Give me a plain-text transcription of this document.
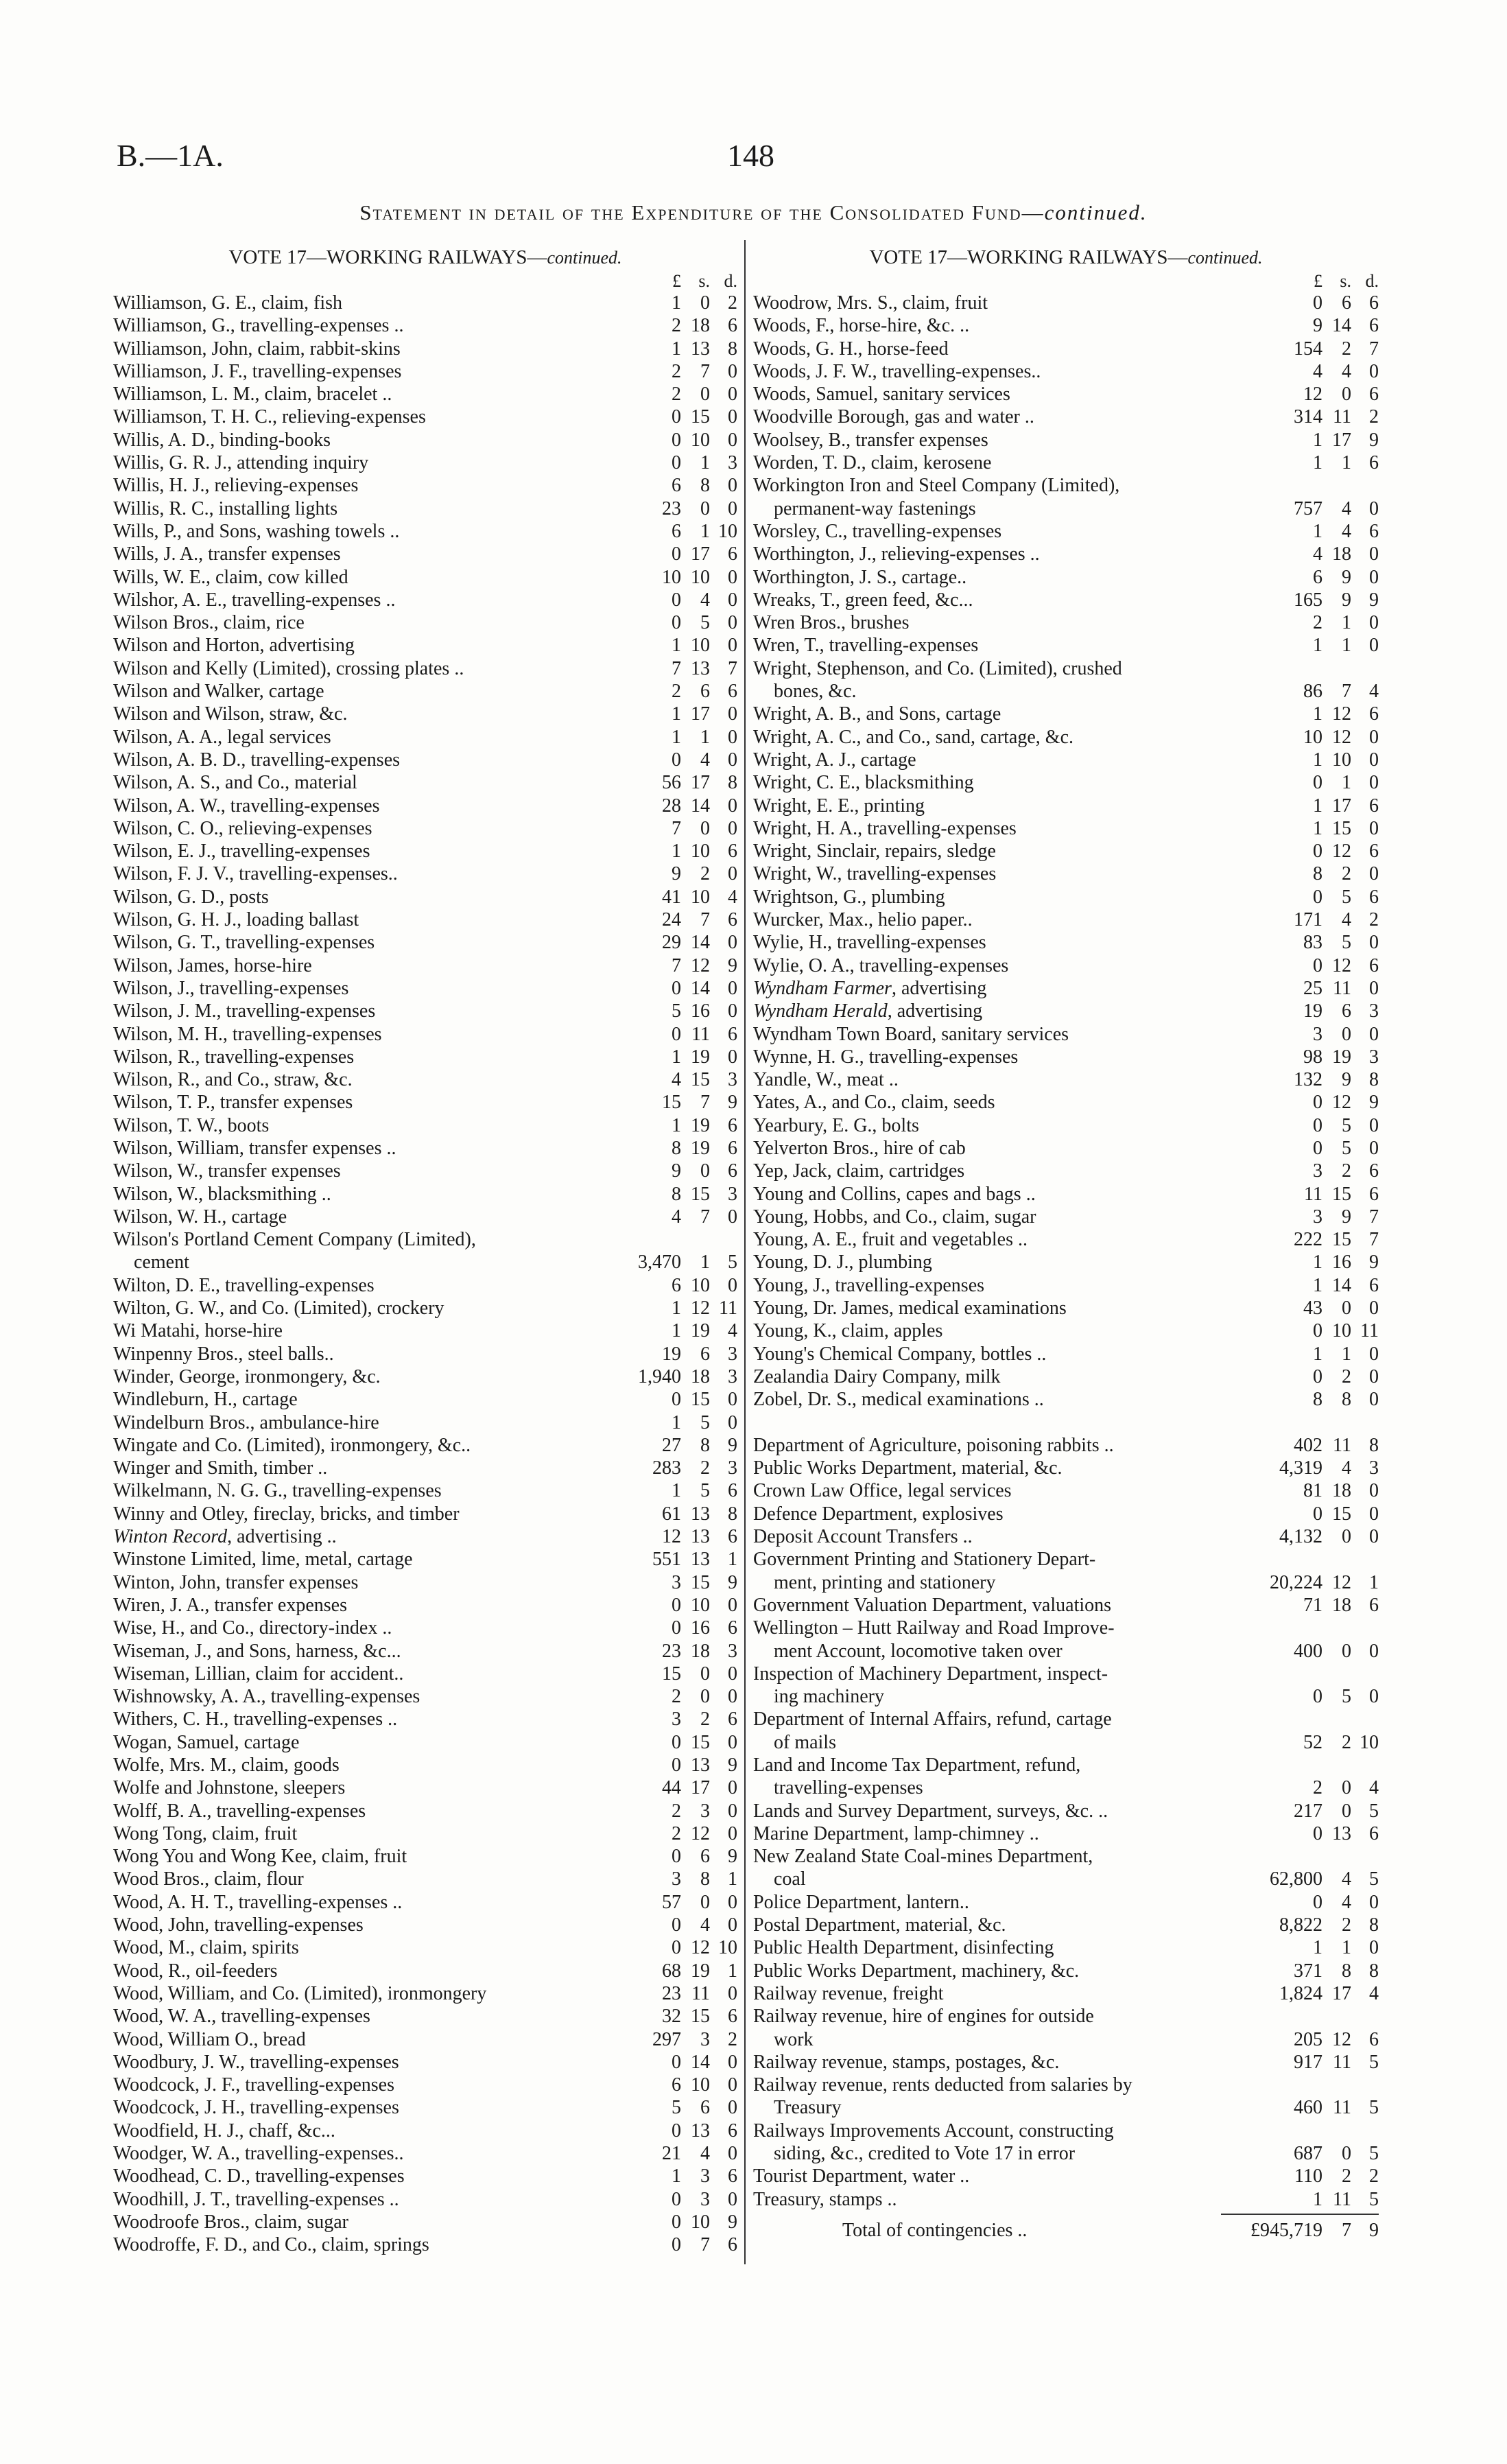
B.—1A.	148
Statement in detail of the Expenditure of the Consolidated Fund—continued.
VOTE 17—WORKING RAILWAYS—continued.
£ s. d.
Williamson, G. E., claim, fish	1	0 2
Williamson, G., travelling-expenses ..	2 18 6
Williamson, John, claim, rabbit-skins	1 13 8
Williamson, J. F., travelling-expenses	2	7 0
Williamson, L. M., claim, bracelet ..	2	0 0
Williamson, T. H. C., relieving-expenses	0 15 0
Willis, A. D., binding-books	0 10 0
Willis, G. R. J., attending inquiry	0	1 3
Willis, H. J., relieving-expenses	6	8 0
Willis, R. C., installing lights	23	0 0
Wills, P., and Sons, washing towels ..	6	1 10
Wills, J. A., transfer expenses	0 17 6
Wills, W. E., claim, cow killed	10 10 0
Wilshor, A. E., travelling-expenses ..	0	4 0
Wilson Bros., claim, rice	0	5 0
Wilson and Horton, advertising	1 10 0
Wilson and Kelly (Limited), crossing plates ..	7 13 7
Wilson and Walker, cartage	2	6 6
Wilson and Wilson, straw, &c.	1 17 0
Wilson, A. A., legal services	1	1 0
Wilson, A. B. D., travelling-expenses	0	4 0
Wilson, A. S., and Co., material	56 17 8
Wilson, A. W., travelling-expenses	28 14 0
Wilson, C. O., relieving-expenses	7	0 0
Wilson, E. J., travelling-expenses	1 10 6
Wilson, F. J. V., travelling-expenses..	9	2 0
Wilson, G. D., posts	41 10 4
Wilson, G. H. J., loading ballast	24	7 6
Wilson, G. T., travelling-expenses	29 14 0
Wilson, James, horse-hire	7 12 9
Wilson, J., travelling-expenses	0 14 0
Wilson, J. M., travelling-expenses	5 16 0
Wilson, M. H., travelling-expenses	0 11 6
Wilson, R., travelling-expenses	1 19 0
Wilson, R., and Co., straw, &c.	4 15 3
Wilson, T. P., transfer expenses	15	7 9
Wilson, T. W., boots	1 19 6
Wilson, William, transfer expenses ..	8 19 6
Wilson, W., transfer expenses	9	0 6
Wilson, W., blacksmithing ..	8 15 3
Wilson, W. H., cartage	4	7 0
Wilson's Portland Cement Company (Limited),
cement	3,470	1 5
Wilton, D. E., travelling-expenses	6 10 0
Wilton, G. W., and Co. (Limited), crockery	1 12 11
Wi Matahi, horse-hire	1 19 4
Winpenny Bros., steel balls..	19	6 3
Winder, George, ironmongery, &c.	1,940 18 3
Windleburn, H., cartage	0 15 0
Windelburn Bros., ambulance-hire	1	5 0
Wingate and Co. (Limited), ironmongery, &c..	27	8 9
Winger and Smith, timber ..	283	2 3
Wilkelmann, N. G. G., travelling-expenses	1	5 6
Winny and Otley, fireclay, bricks, and timber	61 13 8
Winton Record, advertising ..	12 13 6
Winstone Limited, lime, metal, cartage	551 13 1
Winton, John, transfer expenses	3 15 9
Wiren, J. A., transfer expenses	0 10 0
Wise, H., and Co., directory-index ..	0 16 6
Wiseman, J., and Sons, harness, &c...	23 18 3
Wiseman, Lillian, claim for accident..	15	0 0
Wishnowsky, A. A., travelling-expenses	2	0 0
Withers, C. H., travelling-expenses ..	3	2 6
Wogan, Samuel, cartage	0 15 0
Wolfe, Mrs. M., claim, goods	0 13 9
Wolfe and Johnstone, sleepers	44 17 0
Wolff, B. A., travelling-expenses	2	3 0
Wong Tong, claim, fruit	2 12 0
Wong You and Wong Kee, claim, fruit	0	6 9
Wood Bros., claim, flour	3	8 1
Wood, A. H. T., travelling-expenses ..	57	0 0
Wood, John, travelling-expenses	0	4 0
Wood, M., claim, spirits	0 12 10
Wood, R., oil-feeders	68 19 1
Wood, William, and Co. (Limited), ironmongery	23 11 0
Wood, W. A., travelling-expenses	32 15 6
Wood, William O., bread	297	3 2
Woodbury, J. W., travelling-expenses	0 14 0
Woodcock, J. F., travelling-expenses	6 10 0
Woodcock, J. H., travelling-expenses	5	6 0
Woodfield, H. J., chaff, &c...	0 13 6
Woodger, W. A., travelling-expenses..	21	4 0
Woodhead, C. D., travelling-expenses	1	3 6
Woodhill, J. T., travelling-expenses ..	0	3 0
Woodroofe Bros., claim, sugar	0 10 9
Woodroffe, F. D., and Co., claim, springs	0	7 6
VOTE 17—WORKING RAILWAYS—continued.
£ s. d.
Woodrow, Mrs. S., claim, fruit	0	6 6
Woods, F., horse-hire, &c. ..	9 14 6
Woods, G. H., horse-feed	154	2 7
Woods, J. F. W., travelling-expenses..	4	4 0
Woods, Samuel, sanitary services	12	0 6
Woodville Borough, gas and water ..	314 11 2
Woolsey, B., transfer expenses	1 17 9
Worden, T. D., claim, kerosene	1	1 6
Workington Iron and Steel Company (Limited),
permanent-way fastenings	757	4 0
Worsley, C., travelling-expenses	1	4 6
Worthington, J., relieving-expenses ..	4 18 0
Worthington, J. S., cartage..	6	9 0
Wreaks, T., green feed, &c...	165	9 9
Wren Bros., brushes	2	1 0
Wren, T., travelling-expenses	1	1 0
Wright, Stephenson, and Co. (Limited), crushed
bones, &c.	86	7 4
Wright, A. B., and Sons, cartage	1 12 6
Wright, A. C., and Co., sand, cartage, &c.	10 12 0
Wright, A. J., cartage	1 10 0
Wright, C. E., blacksmithing	0	1 0
Wright, E. E., printing	1 17 6
Wright, H. A., travelling-expenses	1 15 0
Wright, Sinclair, repairs, sledge	0 12 6
Wright, W., travelling-expenses	8	2 0
Wrightson, G., plumbing	0	5 6
Wurcker, Max., helio paper..	171	4 2
Wylie, H., travelling-expenses	83	5 0
Wylie, O. A., travelling-expenses	0 12 6
Wyndham Farmer, advertising	25 11 0
Wyndham Herald, advertising	19	6 3
Wyndham Town Board, sanitary services	3	0 0
Wynne, H. G., travelling-expenses	98 19 3
Yandle, W., meat ..	132	9 8
Yates, A., and Co., claim, seeds	0 12 9
Yearbury, E. G., bolts	0	5 0
Yelverton Bros., hire of cab	0	5 0
Yep, Jack, claim, cartridges	3	2 6
Young and Collins, capes and bags ..	11 15 6
Young, Hobbs, and Co., claim, sugar	3	9 7
Young, A. E., fruit and vegetables ..	222 15 7
Young, D. J., plumbing	1 16 9
Young, J., travelling-expenses	1 14 6
Young, Dr. James, medical examinations	43	0 0
Young, K., claim, apples	0 10 11
Young's Chemical Company, bottles ..	1	1 0
Zealandia Dairy Company, milk	0	2 0
Zobel, Dr. S., medical examinations ..	8	8 0
Department of Agriculture, poisoning rabbits ..	402 11 8
Public Works Department, material, &c.	4,319	4 3
Crown Law Office, legal services	81 18 0
Defence Department, explosives	0 15 0
Deposit Account Transfers ..	4,132	0 0
Government Printing and Stationery Depart-
ment, printing and stationery	20,224 12 1
Government Valuation Department, valuations	71 18 6
Wellington – Hutt Railway and Road Improve-
ment Account, locomotive taken over	400	0 0
Inspection of Machinery Department, inspect-
ing machinery	0	5 0
Department of Internal Affairs, refund, cartage
of mails	52	2 10
Land and Income Tax Department, refund,
travelling-expenses	2	0 4
Lands and Survey Department, surveys, &c. ..	217	0 5
Marine Department, lamp-chimney ..	0 13 6
New Zealand State Coal-mines Department,
coal	62,800	4 5
Police Department, lantern..	0	4 0
Postal Department, material, &c.	8,822	2 8
Public Health Department, disinfecting	1	1 0
Public Works Department, machinery, &c.	371	8 8
Railway revenue, freight	1,824 17 4
Railway revenue, hire of engines for outside
work	205 12 6
Railway revenue, stamps, postages, &c.	917 11 5
Railway revenue, rents deducted from salaries by
Treasury	460 11 5
Railways Improvements Account, constructing
siding, &c., credited to Vote 17 in error	687	0 5
Tourist Department, water ..	110	2 2
Treasury, stamps ..	1 11 5
Total of contingencies ..	£945,719	7 9
